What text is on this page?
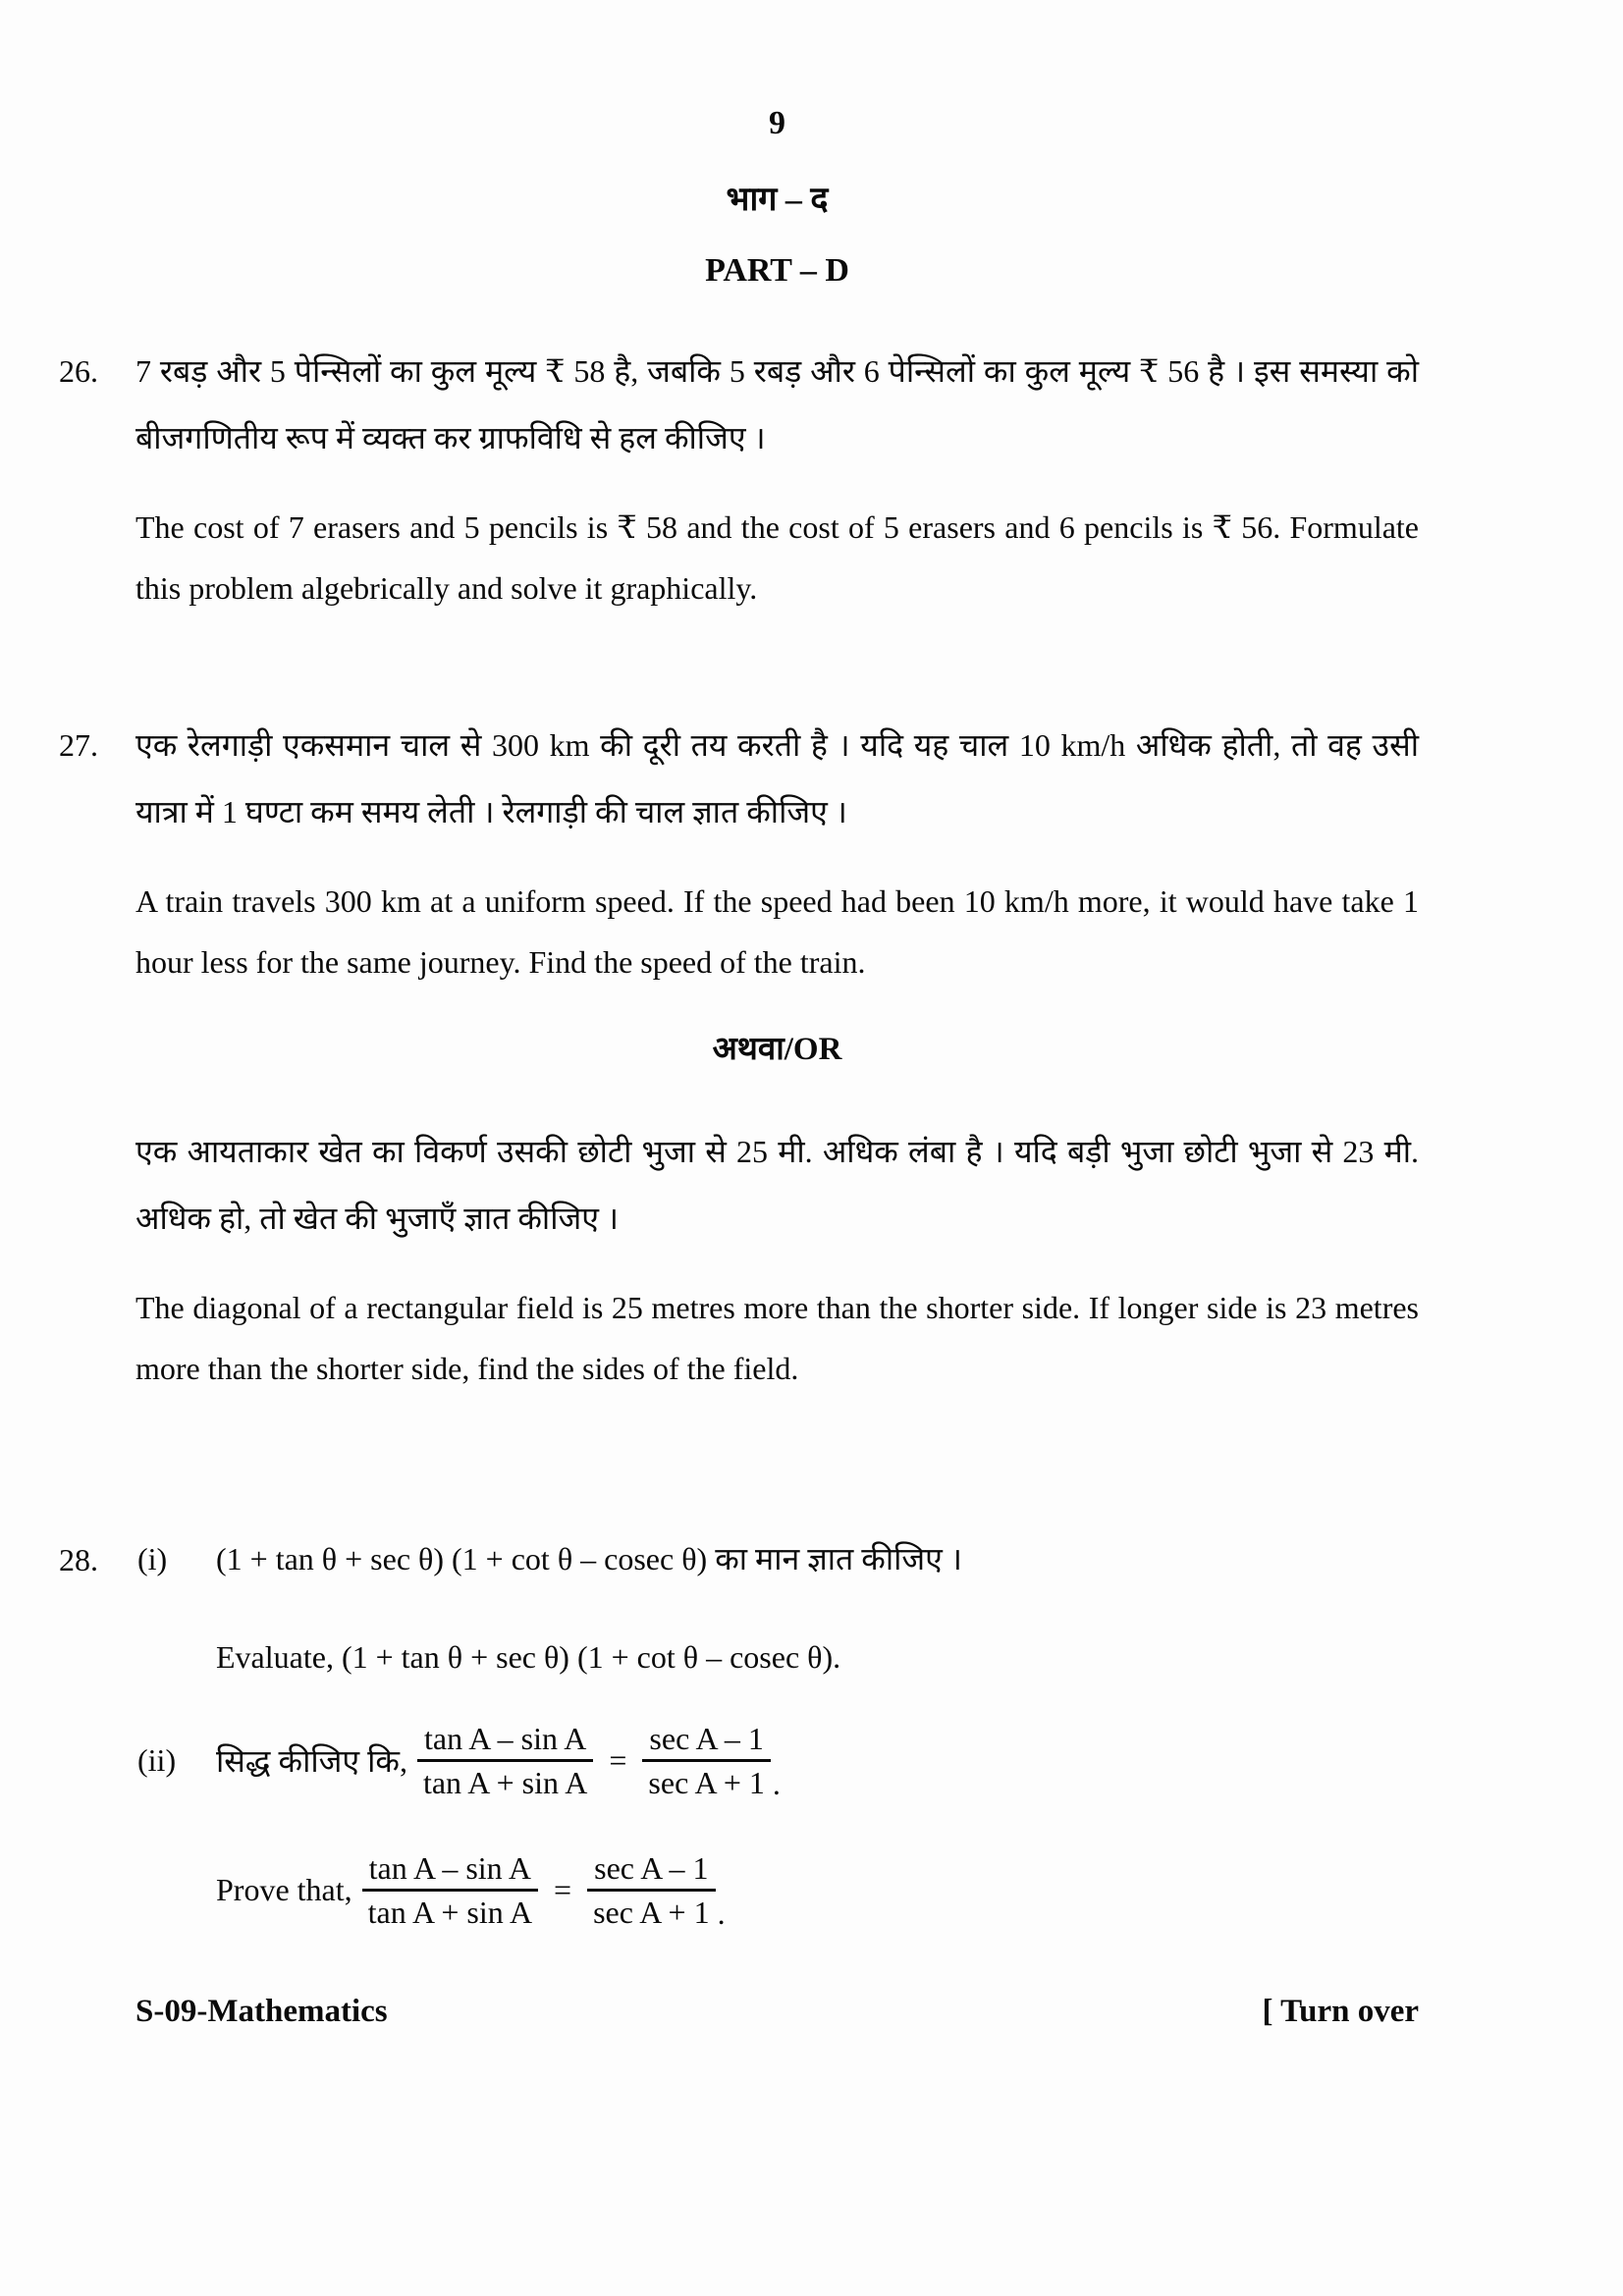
9
भाग – द
PART – D
26. 7 रबड़ और 5 पेन्सिलों का कुल मूल्य ₹ 58 है, जबकि 5 रबड़ और 6 पेन्सिलों का कुल मूल्य ₹ 56 है । इस समस्या को बीजगणितीय रूप में व्यक्त कर ग्राफविधि से हल कीजिए ।

The cost of 7 erasers and 5 pencils is ₹ 58 and the cost of 5 erasers and 6 pencils is ₹ 56. Formulate this problem algebrically and solve it graphically.

27. एक रेलगाड़ी एकसमान चाल से 300 km की दूरी तय करती है । यदि यह चाल 10 km/h अधिक होती, तो वह उसी यात्रा में 1 घण्टा कम समय लेती । रेलगाड़ी की चाल ज्ञात कीजिए ।

A train travels 300 km at a uniform speed. If the speed had been 10 km/h more, it would have take 1 hour less for the same journey. Find the speed of the train.

अथवा/OR

एक आयताकार खेत का विकर्ण उसकी छोटी भुजा से 25 मी. अधिक लंबा है । यदि बड़ी भुजा छोटी भुजा से 23 मी. अधिक हो, तो खेत की भुजाएँ ज्ञात कीजिए ।

The diagonal of a rectangular field is 25 metres more than the shorter side. If longer side is 23 metres more than the shorter side, find the sides of the field.

28. (i) (1 + tan θ + sec θ) (1 + cot θ – cosec θ) का मान ज्ञात कीजिए ।
Evaluate, (1 + tan θ + sec θ) (1 + cot θ – cosec θ).
(ii) सिद्ध कीजिए कि, $\frac{\text{tan A – sin A}}{\text{tan A + sin A}} = \frac{\text{sec A – 1}}{\text{sec A + 1}}$ .
Prove that, $\frac{\text{tan A – sin A}}{\text{tan A + sin A}} = \frac{\text{sec A – 1}}{\text{sec A + 1}}$ .
S-09-Mathematics	[ Turn over
